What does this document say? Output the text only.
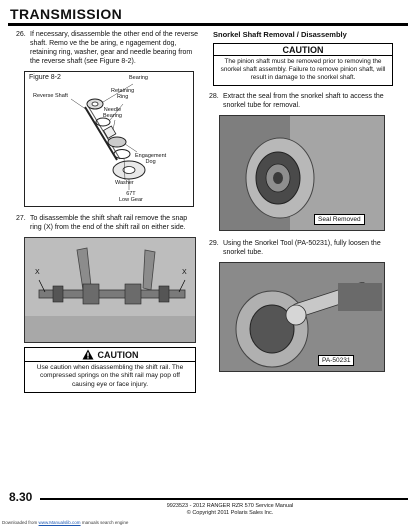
TRANSMISSION
26. If necessary, disassemble the other end of the reverse shaft. Remo ve the be aring, e ngagement dog, retaining ring, washer, gear and needle bearing from the reverse shaft (see Figure 8-2).
Figure 8-2	Bearing
Reverse Shaft
Retaining
Ring
Needle
Bearing
Engagement
Dog
Washer
67T
Low Gear
27. To disassemble the shift shaft rail remove the snap ring (X) from the end of the shift rail on either side.
X	X
CAUTION
Use caution when disassembling the shift rail. The compressed springs on the shift rail may pop off causing eye or face injury.
Snorkel Shaft Removal / Disassembly
CAUTION
The pinion shaft must be removed prior to removing the snorkel shaft assembly. Failure to remove pinion shaft, will result in damage to the snorkel shaft.
28. Extract the seal from the snorkel shaft to access the snorkel tube for removal.
Seal Removed
29. Using the Snorkel Tool (PA-50231), fully loosen the snorkel tube.
PA-50231
8.30
9923523 - 2012 RANGER RZR 570 Service Manual
© Copyright 2011 Polaris Sales Inc.
Downloaded from www.Manualslib.com manuals search engine
